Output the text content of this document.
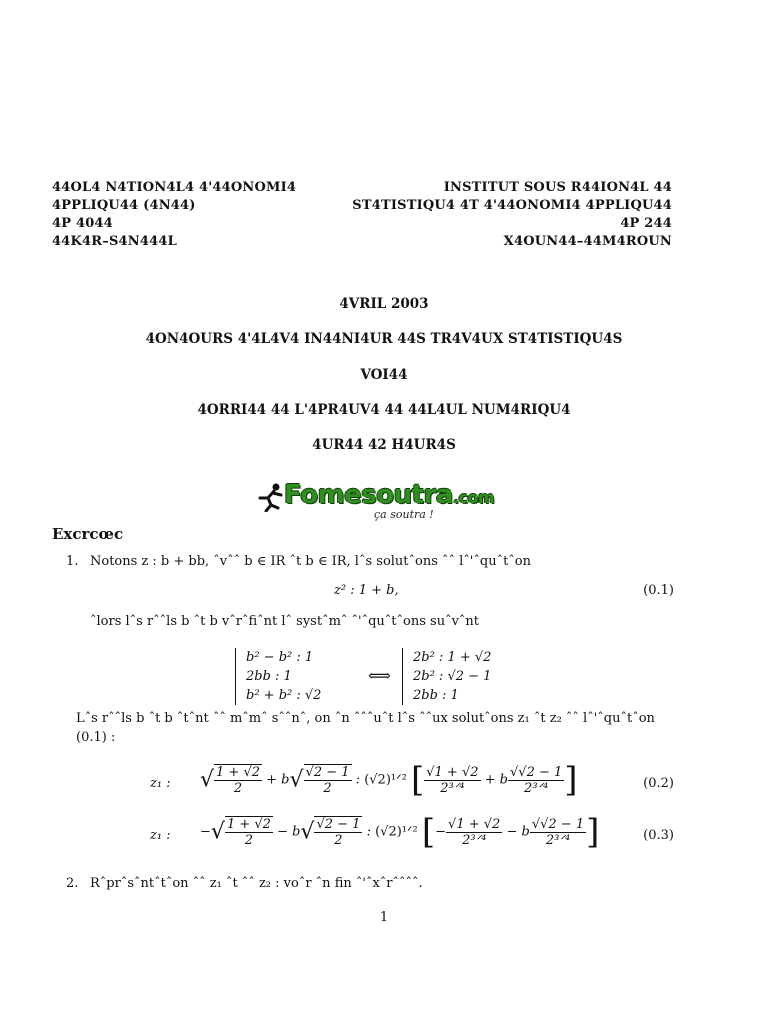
44OL4 N4TION4L4 4'44ONOMI4
4PPLIQU44 (4N44)
4P 4044
44K4R–S4N444L
INSTITUT SOUS R44ION4L 44
ST4TISTIQU4 4T 4'44ONOMI4 4PPLIQU44
4P 244
X4OUN44–44M4ROUN
4VRIL 2003
4ON4OURS 4'4L4V4 IN44NI4UR 44S TR4V4UX ST4TISTIQU4S
VOI44
4ORRI44 44 L'4PR4UV4 44 44L4UL NUM4RIQU4
4UR44 42 H4UR4S
Fomesoutra.com
ça soutra !
Excrcœc
1. Notons z : b + bb, ˆvˆˆ b ∈ IR ˆt b ∈ IR, lˆs solutˆons ˆˆ lˆ'ˆquˆtˆon
z² : 1 + b,	(0.1)
ˆlors lˆs rˆˆls b ˆt b vˆrˆfiˆnt lˆ systˆmˆ ˆ'ˆquˆtˆons suˆvˆnt
b² − b² : 1
2bb : 1
b² + b² : √2
⟺
2b² : 1 + √2
2b² : √2 − 1
2bb : 1
Lˆs rˆˆls b ˆt b ˆtˆnt ˆˆ mˆmˆ sˆˆnˆ, on ˆn ˆˆˆuˆt lˆs ˆˆux solutˆons z₁ ˆt z₂ ˆˆ lˆ'ˆquˆtˆon
(0.1) :
z₁ : √ $\frac{1 + √2}{2} + b√ \frac{√2 - 1}{2}$ : (√2)¹ᐟ² [ $\frac{√1 + √2}{\text{2³ᐟ⁴}} + b \frac{√√2 - 1}{\text{2³ᐟ⁴}}$ ]	(0.2)
z₁ : −√ $\frac{1 + √2}{2} - b√ \frac{√2 - 1}{2}$ : (√2)¹ᐟ² [− $\frac{√1 + √2}{\text{2³ᐟ⁴}} - b \frac{√√2 - 1}{\text{2³ᐟ⁴}}$ ]	(0.3)
2. Rˆprˆsˆntˆtˆon ˆˆ z₁ ˆt ˆˆ z₂ : voˆr ˆn fin ˆ'ˆxˆrˆˆˆˆ.
1
